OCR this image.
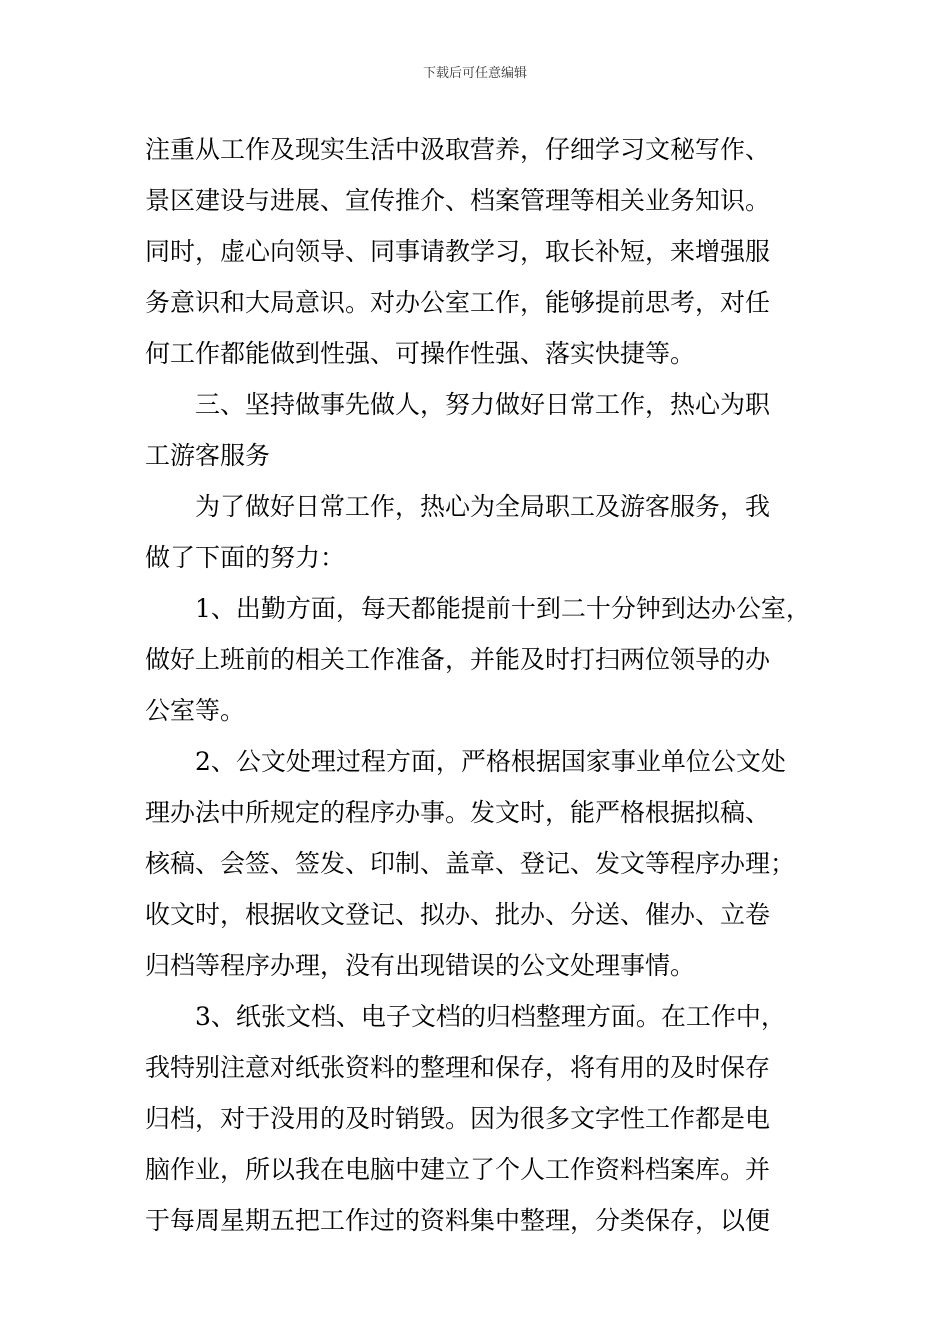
下载后可任意编辑
注重从工作及现实生活中汲取营养，仔细学习文秘写作、
景区建设与进展、宣传推介、档案管理等相关业务知识。
同时，虚心向领导、同事请教学习，取长补短，来增强服
务意识和大局意识。对办公室工作，能够提前思考，对任
何工作都能做到性强、可操作性强、落实快捷等。
三、坚持做事先做人，努力做好日常工作，热心为职
工游客服务
为了做好日常工作，热心为全局职工及游客服务，我
做了下面的努力：
1、出勤方面，每天都能提前十到二十分钟到达办公室，
做好上班前的相关工作准备，并能及时打扫两位领导的办
公室等。
2、公文处理过程方面，严格根据国家事业单位公文处
理办法中所规定的程序办事。发文时，能严格根据拟稿、
核稿、会签、签发、印制、盖章、登记、发文等程序办理；
收文时，根据收文登记、拟办、批办、分送、催办、立卷
归档等程序办理，没有出现错误的公文处理事情。
3、纸张文档、电子文档的归档整理方面。在工作中，
我特别注意对纸张资料的整理和保存，将有用的及时保存
归档，对于没用的及时销毁。因为很多文字性工作都是电
脑作业，所以我在电脑中建立了个人工作资料档案库。并
于每周星期五把工作过的资料集中整理，分类保存，以便
